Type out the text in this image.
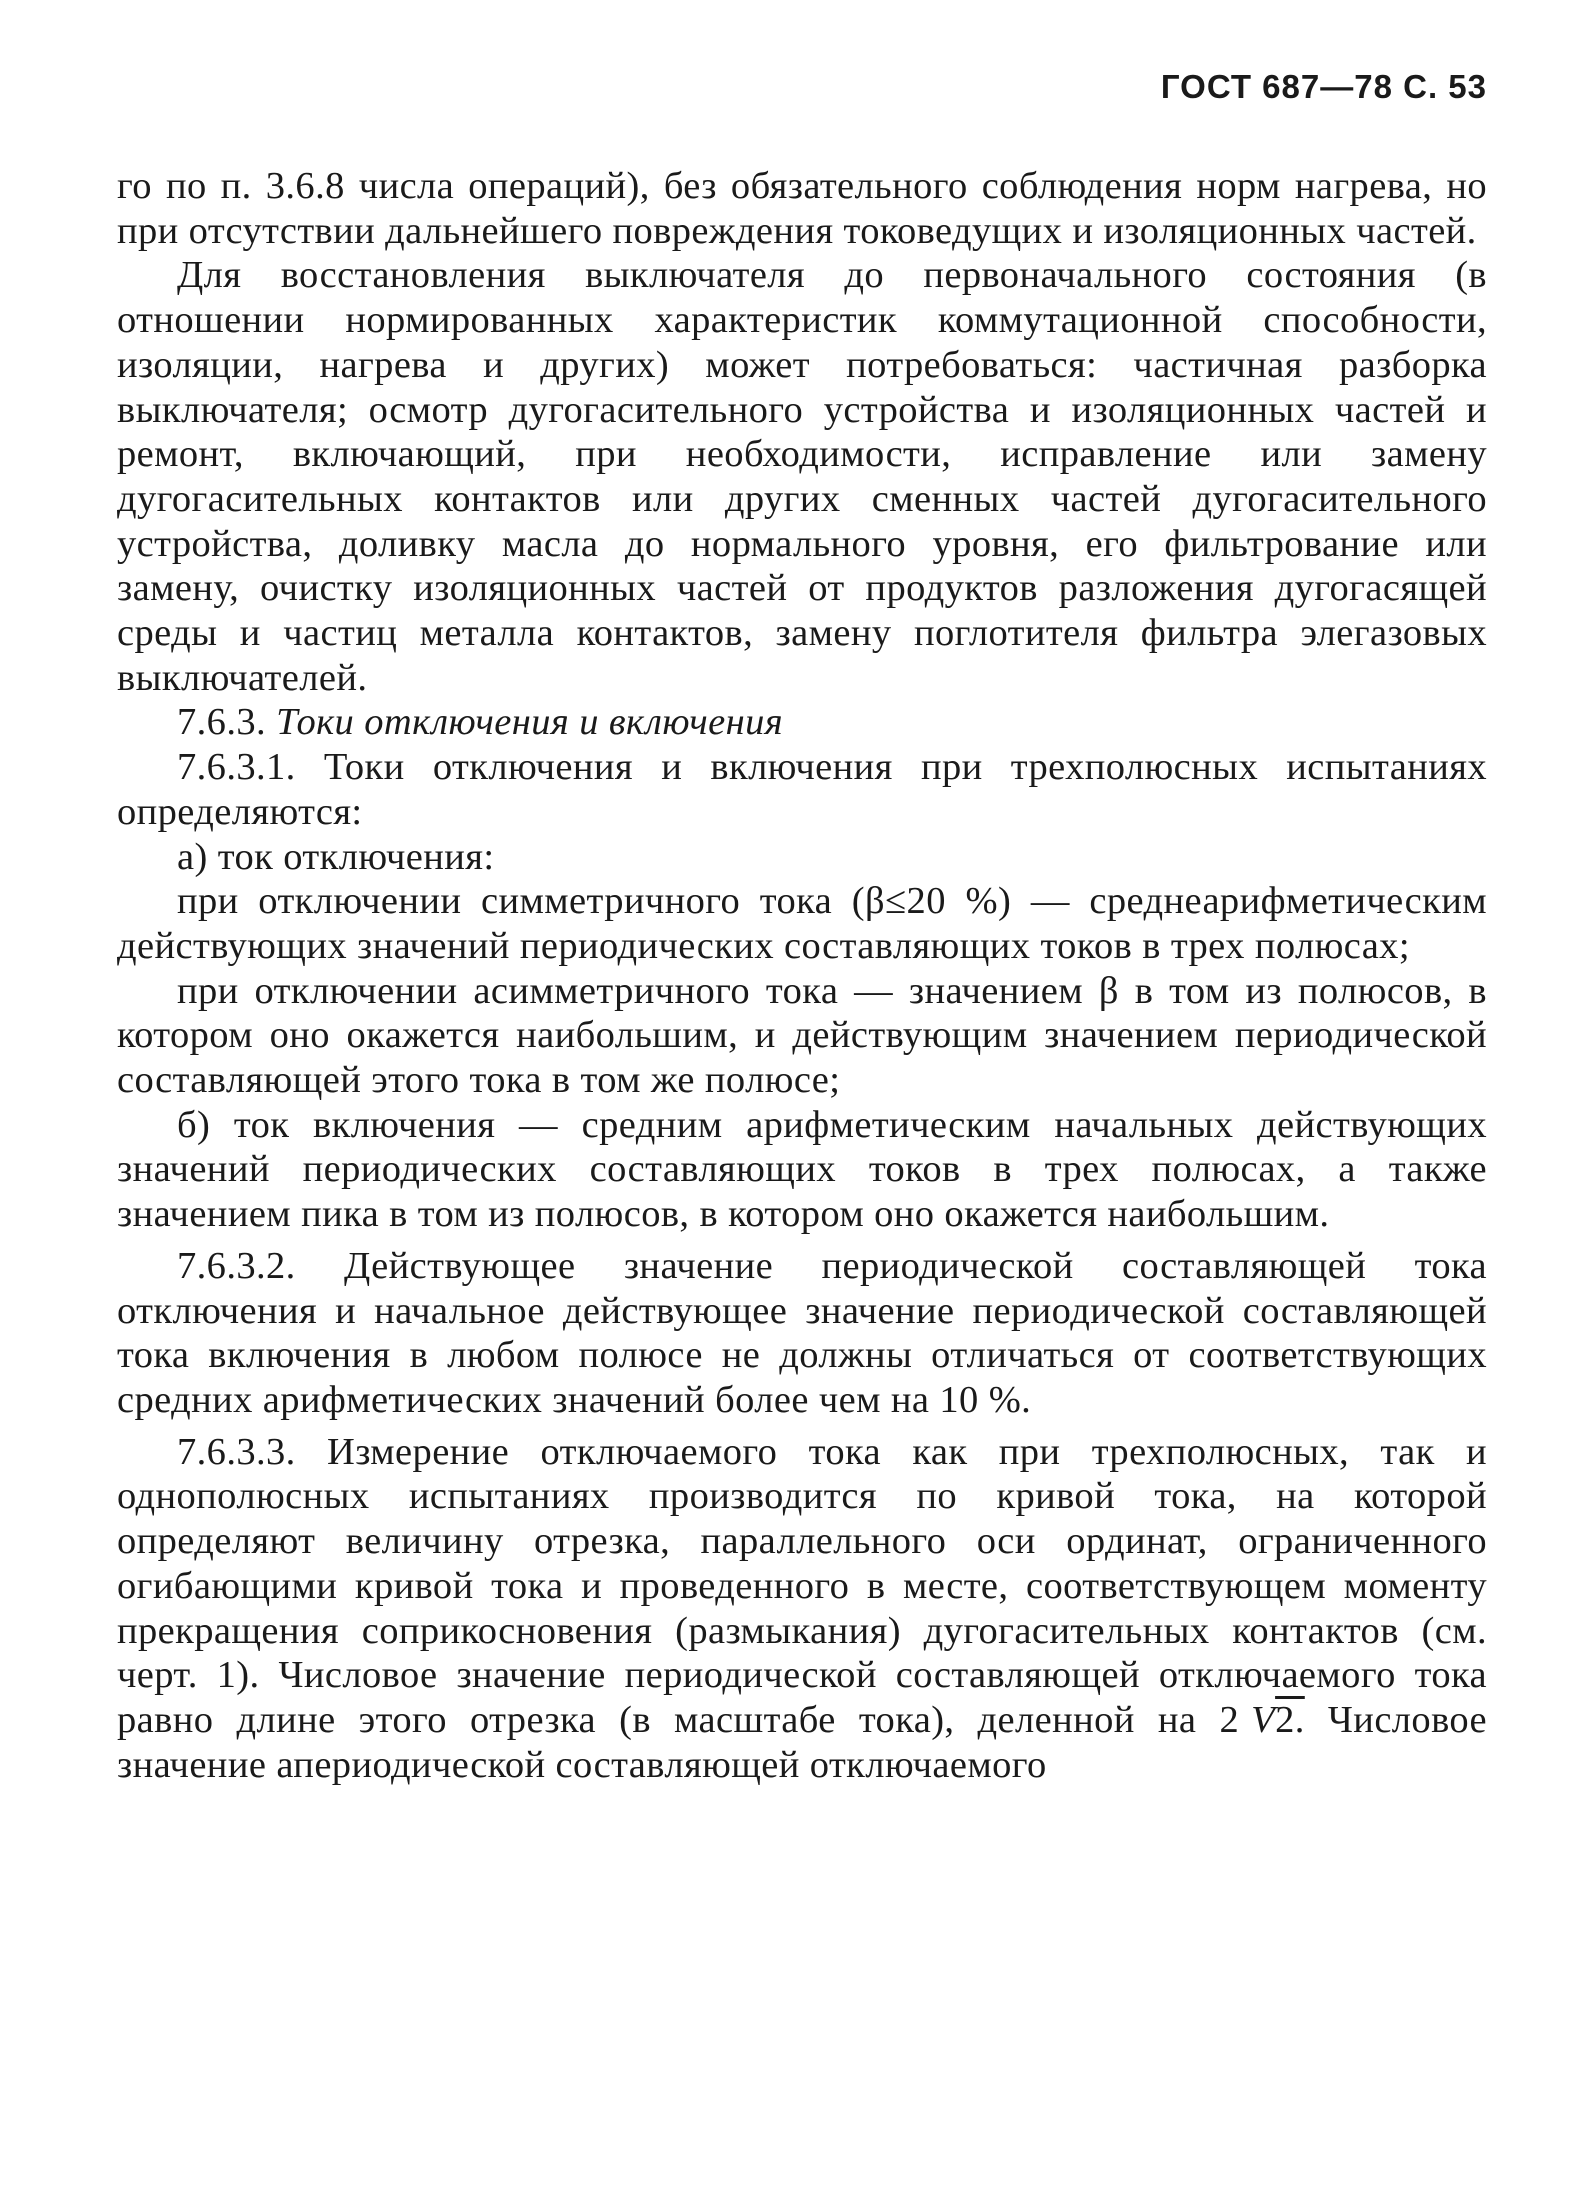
ГОСТ 687—78 С. 53

го по п. 3.6.8 числа операций), без обязательного соблюдения норм нагрева, но при отсутствии дальнейшего повреждения токоведущих и изоляционных частей.

Для восстановления выключателя до первоначального состояния (в отношении нормированных характеристик коммутационной способности, изоляции, нагрева и других) может потребоваться: частичная разборка выключателя; осмотр дугогасительного устройства и изоляционных частей и ремонт, включающий, при необходимости, исправление или замену дугогасительных контактов или других сменных частей дугогасительного устройства, доливку масла до нормального уровня, его фильтрование или замену, очистку изоляционных частей от продуктов разложения дугогасящей среды и частиц металла контактов, замену поглотителя фильтра элегазовых выключателей.

7.6.3. Токи отключения и включения

7.6.3.1. Токи отключения и включения при трехполюсных испытаниях определяются:

а) ток отключения:

при отключении симметричного тока (β≤20 %) — среднеарифметическим действующих значений периодических составляющих токов в трех полюсах;

при отключении асимметричного тока — значением β в том из полюсов, в котором оно окажется наибольшим, и действующим значением периодической составляющей этого тока в том же полюсе;

б) ток включения — средним арифметическим начальных действующих значений периодических составляющих токов в трех полюсах, а также значением пика в том из полюсов, в котором оно окажется наибольшим.

7.6.3.2. Действующее значение периодической составляющей тока отключения и начальное действующее значение периодической составляющей тока включения в любом полюсе не должны отличаться от соответствующих средних арифметических значений более чем на 10 %.

7.6.3.3. Измерение отключаемого тока как при трехполюсных, так и однополюсных испытаниях производится по кривой тока, на которой определяют величину отрезка, параллельного оси ординат, ограниченного огибающими кривой тока и проведенного в месте, соответствующем моменту прекращения соприкосновения (размыкания) дугогасительных контактов (см. черт. 1). Числовое значение периодической составляющей отключаемого тока равно длине этого отрезка (в масштабе тока), деленной на 2 V2. Числовое значение апериодической составляющей отключаемого
